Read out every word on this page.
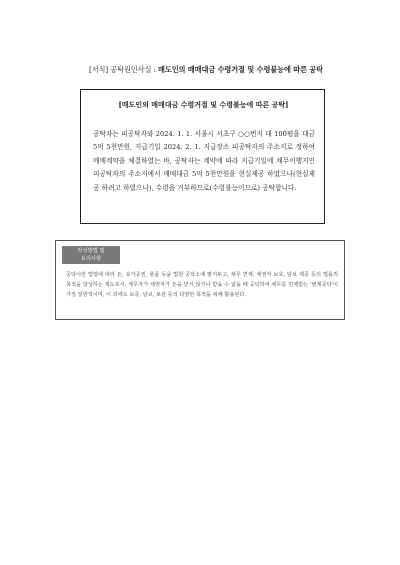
[서식] 공탁원인사실 : 매도인의 매매대금 수령거절 및 수령불능에 따른 공탁
[매도인의 매매대금 수령거절 및 수령불능에 따른 공탁]
공탁자는 피공탁자와 2024. 1. 1. 서울시 서초구 ○○번지 대 100평을 대금 5억 5천만원, 지급기일 2024. 2. 1. 지급장소 피공탁자의 주소지로 정하여 매매계약을 체결하였는 바, 공탁자는 계약에 따라 지급기일에 채무이행지인 피공탁자의 주소지에서 매매대금 5억 5천만원을 현실제공 하였으나(현실제공 하려고 하였으나), 수령을 거부하므로(수령불능이므로) 공탁합니다.
작성방법 및
유의사항
공탁이란 법령에 따라 돈, 유가증권, 물품 등을 법원 공탁소에 맡겨두고, 채무 면제, 채권자 보호, 담보 제공 등의 법률적 목적을 달성하는 제도로서, 채무자가 채권자가 돈을 받지 않거나 받을 수 없을 때 공탁하여 채무를 면제받는 '변제공탁'이 가장 일반적이며, 이 외에도 보증, 담보, 보관 등의 다양한 목적을 위해 활용된다.
